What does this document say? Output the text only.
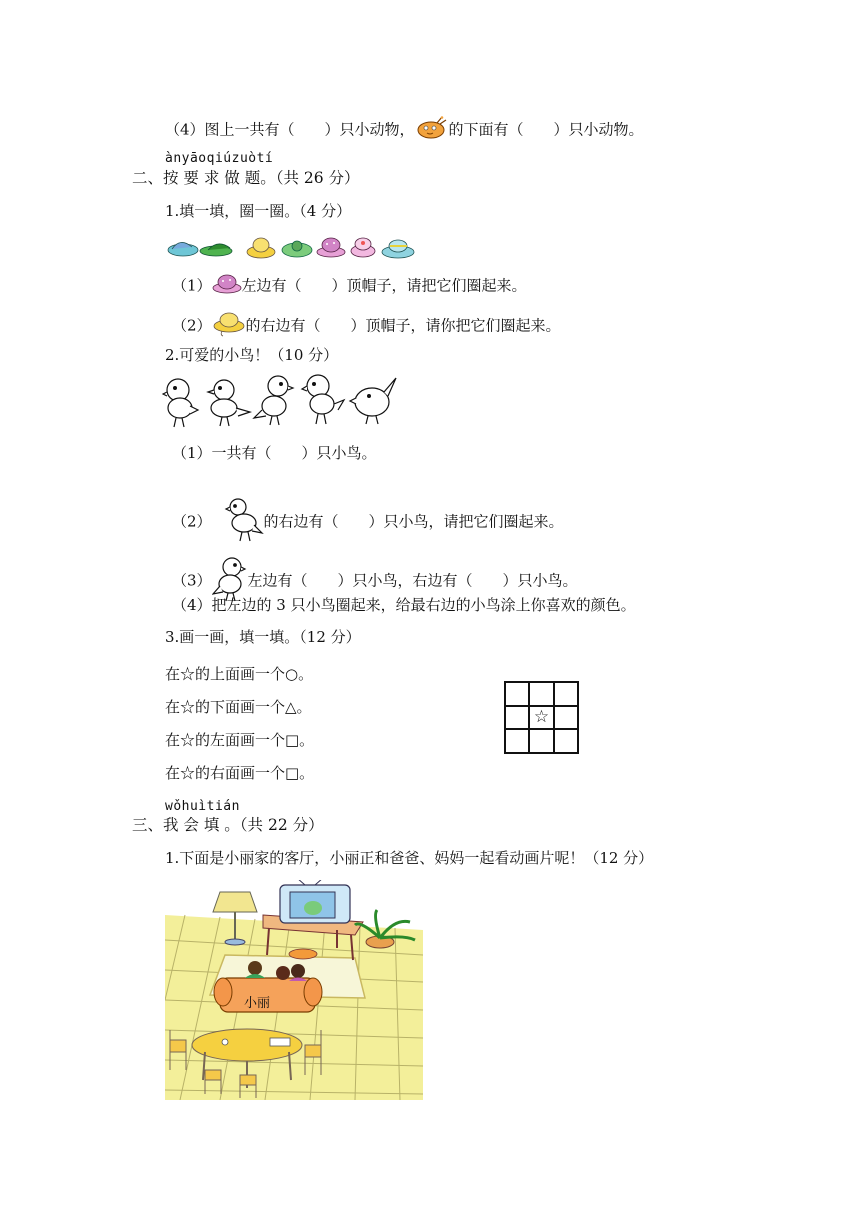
（4）图上一共有（　　）只小动物， 的下面有（　　）只小动物。
ànyāoqiúzuòtí
二、按 要 求 做 题。（共 26 分）
1.填一填，圈一圈。（4 分）
（1） 左边有（　　）顶帽子，请把它们圈起来。
（2） 的右边有（　　）顶帽子，请你把它们圈起来。
2.可爱的小鸟！（10 分）
（1）一共有（　　）只小鸟。
（2）	的右边有（　　）只小鸟，请把它们圈起来。
（3） 左边有（　　）只小鸟，右边有（　　）只小鸟。
（4）把左边的 3 只小鸟圈起来，给最右边的小鸟涂上你喜欢的颜色。
3.画一画，填一填。（12 分）
在☆的上面画一个○。
在☆的下面画一个△。
在☆的左面画一个□。
在☆的右面画一个□。
☆
wǒhuìtián
三、我 会 填 。（共 22 分）
1.下面是小丽家的客厅，小丽正和爸爸、妈妈一起看动画片呢！（12 分）
小丽
